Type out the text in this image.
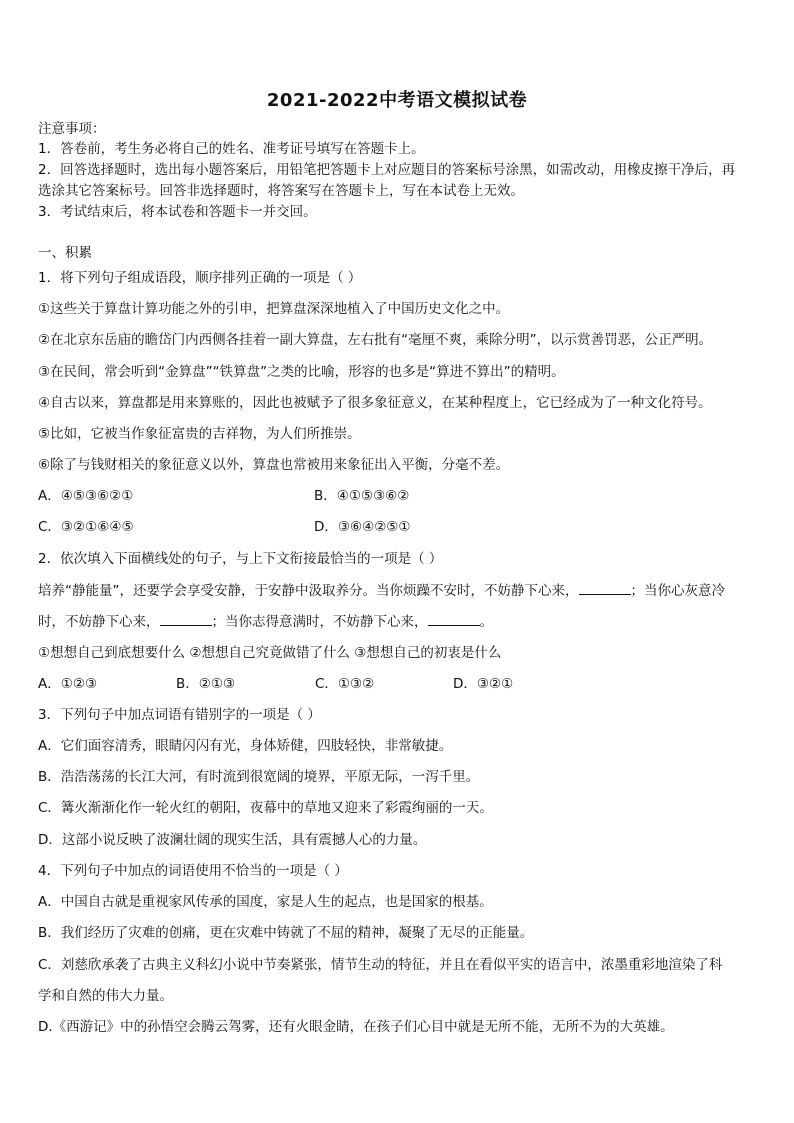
2021-2022中考语文模拟试卷
注意事项：
1．答卷前，考生务必将自己的姓名、准考证号填写在答题卡上。
2．回答选择题时，选出每小题答案后，用铅笔把答题卡上对应题目的答案标号涂黑，如需改动，用橡皮擦干净后，再
选涂其它答案标号。回答非选择题时，将答案写在答题卡上，写在本试卷上无效。
3．考试结束后，将本试卷和答题卡一并交回。
一、积累
1．将下列句子组成语段，顺序排列正确的一项是（ ）
①这些关于算盘计算功能之外的引申，把算盘深深地植入了中国历史文化之中。
②在北京东岳庙的瞻岱门内西侧各挂着一副大算盘，左右批有“毫厘不爽，乘除分明”，以示赏善罚恶，公正严明。
③在民间，常会听到“金算盘”“铁算盘”之类的比喻，形容的也多是“算进不算出”的精明。
④自古以来，算盘都是用来算账的，因此也被赋予了很多象征意义，在某种程度上，它已经成为了一种文化符号。
⑤比如，它被当作象征富贵的吉祥物，为人们所推崇。
⑥除了与钱财相关的象征意义以外，算盘也常被用来象征出入平衡，分毫不差。
A．④⑤③⑥②①	B．④①⑤③⑥②
C．③②①⑥④⑤	D．③⑥④②⑤①
2．依次填入下面横线处的句子，与上下文衔接最恰当的一项是（ ）
培养“静能量”，还要学会享受安静，于安静中汲取养分。当你烦躁不安时，不妨静下心来，	；当你心灰意冷
时，不妨静下心来，	；当你志得意满时，不妨静下心来，	。
①想想自己到底想要什么 ②想想自己究竟做错了什么 ③想想自己的初衷是什么
A．①②③	B．②①③	C．①③②	D．③②①
3．下列句子中加点词语有错别字的一项是（ ）
A．它们面容清秀，眼睛闪闪有光，身体矫健，四肢轻快，非常敏捷。
B．浩浩荡荡的长江大河，有时流到很宽阔的境界，平原无际，一泻千里。
C．篝火渐渐化作一轮火红的朝阳，夜幕中的草地又迎来了彩霞绚丽的一天。
D．这部小说反映了波澜壮阔的现实生活，具有震撼人心的力量。
4．下列句子中加点的词语使用不恰当的一项是（ ）
A．中国自古就是重视家风传承的国度，家是人生的起点，也是国家的根基。
B．我们经历了灾难的创痛，更在灾难中铸就了不屈的精神，凝聚了无尽的正能量。
C．刘慈欣承袭了古典主义科幻小说中节奏紧张，情节生动的特征，并且在看似平实的语言中，浓墨重彩地渲染了科
学和自然的伟大力量。
D.《西游记》中的孙悟空会腾云驾雾，还有火眼金睛，在孩子们心目中就是无所不能，无所不为的大英雄。
